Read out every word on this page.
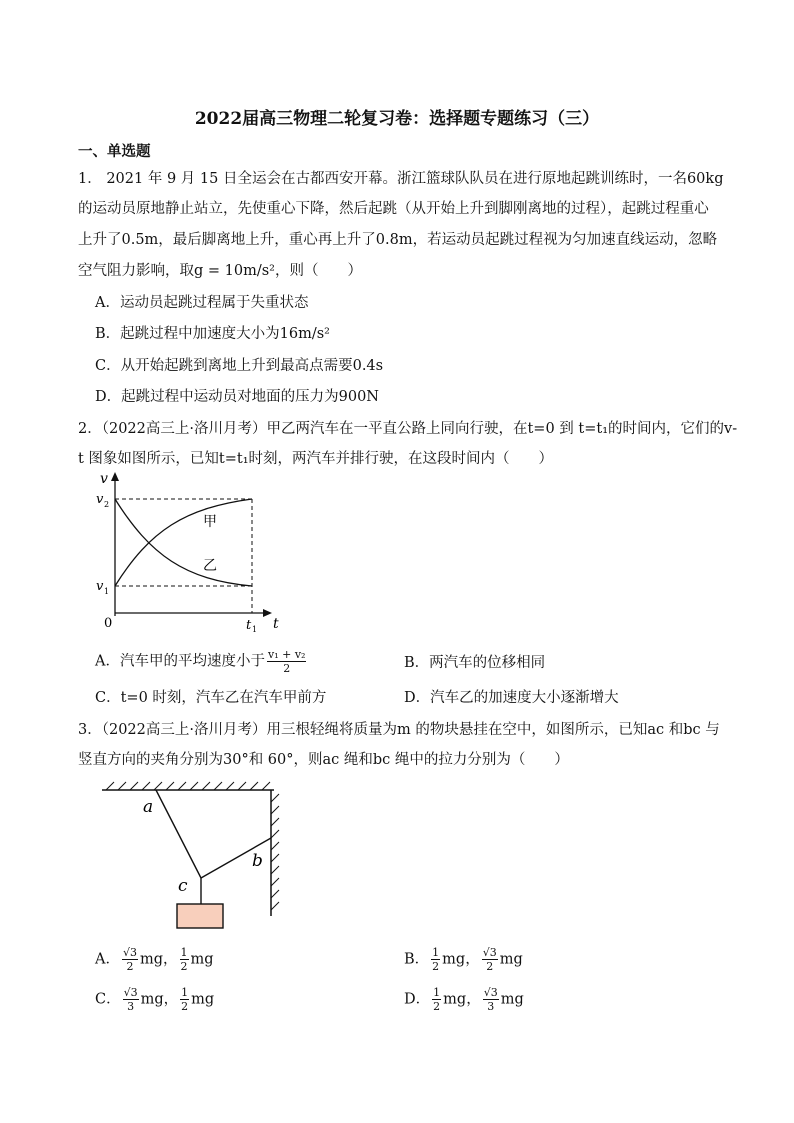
2022届高三物理二轮复习卷：选择题专题练习（三）
一、单选题
1． 2021 年 9 月 15 日全运会在古都西安开幕。浙江篮球队队员在进行原地起跳训练时，一名60kg
的运动员原地静止站立，先使重心下降，然后起跳（从开始上升到脚刚离地的过程），起跳过程重心
上升了0.5m，最后脚离地上升，重心再上升了0.8m，若运动员起跳过程视为匀加速直线运动，忽略
空气阻力影响，取g = 10m/s²，则（　　）
A．运动员起跳过程属于失重状态
B．起跳过程中加速度大小为16m/s²
C．从开始起跳到离地上升到最高点需要0.4s
D．起跳过程中运动员对地面的压力为900N
2．（2022高三上·洛川月考）甲乙两汽车在一平直公路上同向行驶，在t=0 到 t=t₁的时间内，它们的v-
t 图象如图所示，已知t=t₁时刻，两汽车并排行驶，在这段时间内（　　）
v
v 2
v 1
0	t 1 t
甲
乙
A．汽车甲的平均速度小于 $\frac{\text{v₁ + v₂}}{2}$	B．两汽车的位移相同
C．t=0 时刻，汽车乙在汽车甲前方	D．汽车乙的加速度大小逐渐增大
3．（2022高三上·洛川月考）用三根轻绳将质量为m 的物块悬挂在空中，如图所示，已知ac 和bc 与
竖直方向的夹角分别为30°和 60°，则ac 绳和bc 绳中的拉力分别为（　　）
a
b
c
A． $\frac{√3}{2}$ mg， $\frac{1}{2}$ mg	B． $\frac{1}{2}$ mg， $\frac{√3}{2}$ mg
C． $\frac{√3}{3}$ mg， $\frac{1}{2}$ mg	D． $\frac{1}{2}$ mg， $\frac{√3}{3}$ mg
